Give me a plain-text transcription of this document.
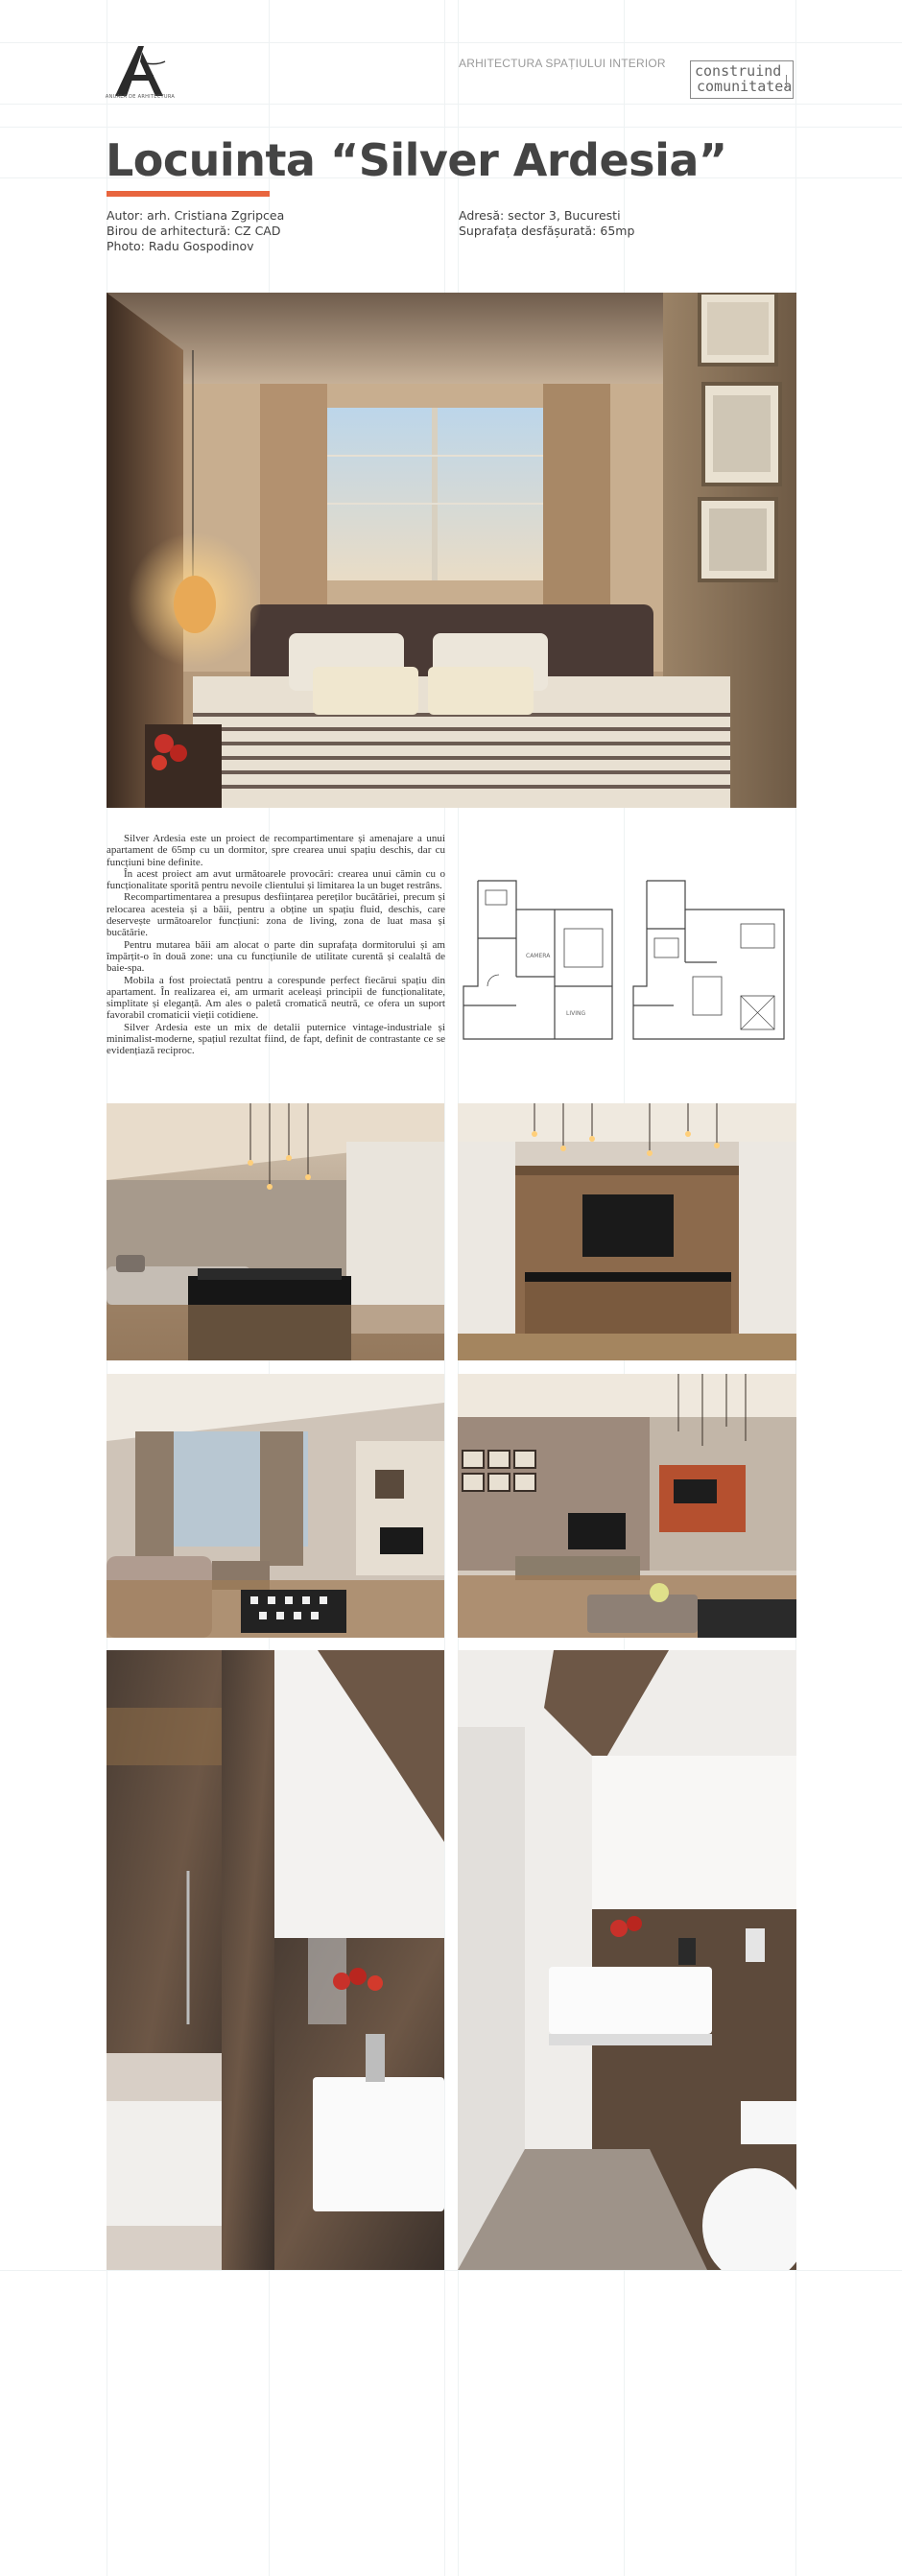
ANUALA DE ARHITECTURA
ARHITECTURA SPAȚIULUI INTERIOR construind
comunitatea
Locuinta “Silver Ardesia”
Autor: arh. Cristiana Zgripcea
Birou de arhitectură: CZ CAD
Photo: Radu Gospodinov
Adresă: sector 3, Bucuresti
Suprafața desfășurată: 65mp

Silver Ardesia este un proiect de recompartimentare și amenajare a unui apartament de 65mp cu un dormitor, spre crearea unui spațiu deschis, dar cu funcțiuni bine definite.

În acest proiect am avut următoarele provocări: crearea unui cămin cu o funcționalitate sporită pentru nevoile clientului și limitarea la un buget restrâns.

Recompartimentarea a presupus desființarea pereților bucătăriei, precum și relocarea acesteia și a băii, pentru a obține un spațiu fluid, deschis, care deservește următoarelor funcțiuni: zona de living, zona de luat masa și bucătărie.

Pentru mutarea băii am alocat o parte din suprafața dormitorului și am împărțit-o în două zone: una cu funcțiunile de utilitate curentă și cealaltă de baie-spa.

Mobila a fost proiectată pentru a corespunde perfect fiecărui spațiu din apartament. În realizarea ei, am urmarit aceleași principii de funcționalitate, simplitate și eleganță. Am ales o paletă cromatică neutră, ce ofera un suport favorabil cromaticii vieții cotidiene.

Silver Ardesia este un mix de detalii puternice vintage-industriale și minimalist-moderne, spațiul rezultat fiind, de fapt, definit de contrastante ce se evidențiază reciproc.

CAMERA
LIVING
